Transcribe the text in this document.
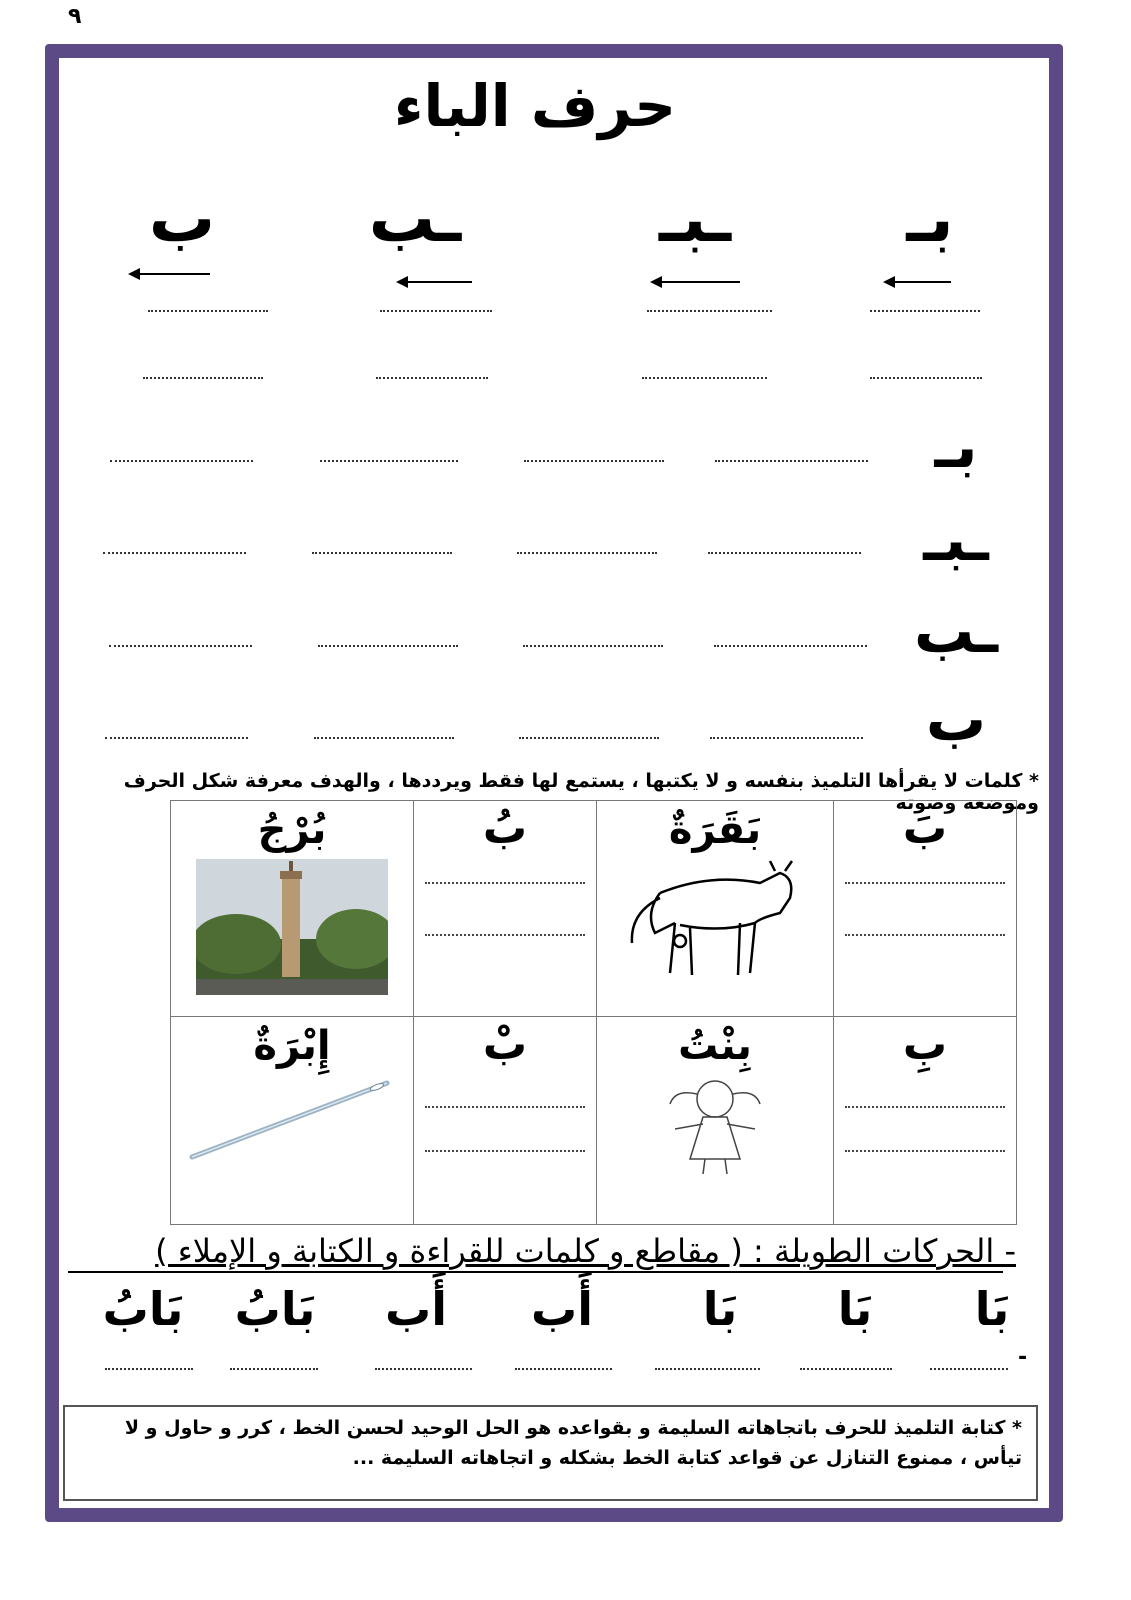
٩
حرف الباء
بـ
ـبـ
ـب
ب
بـ
ـبـ
ـب
ب
* كلمات لا يقرأها التلميذ بنفسه و لا يكتبها ، يستمع لها فقط ويرددها ، والهدف معرفة شكل الحرف وموضعه وصوته
بَ	بَقَرَةٌ	بُ	بُرْجُ

بِ	بِنْتُ	بْ	إِبْرَةٌ
- الحركات الطويلة : ( مقاطع و كلمات للقراءة و الكتابة و الإملاء )
بَا
بَا
بَا
أَب
أَب
بَابُ
بَابُ
-
* كتابة التلميذ للحرف باتجاهاته السليمة و بقواعده هو الحل الوحيد لحسن الخط ، كرر و حاول و لا تيأس ، ممنوع التنازل عن قواعد كتابة الخط بشكله و اتجاهاته السليمة ...
